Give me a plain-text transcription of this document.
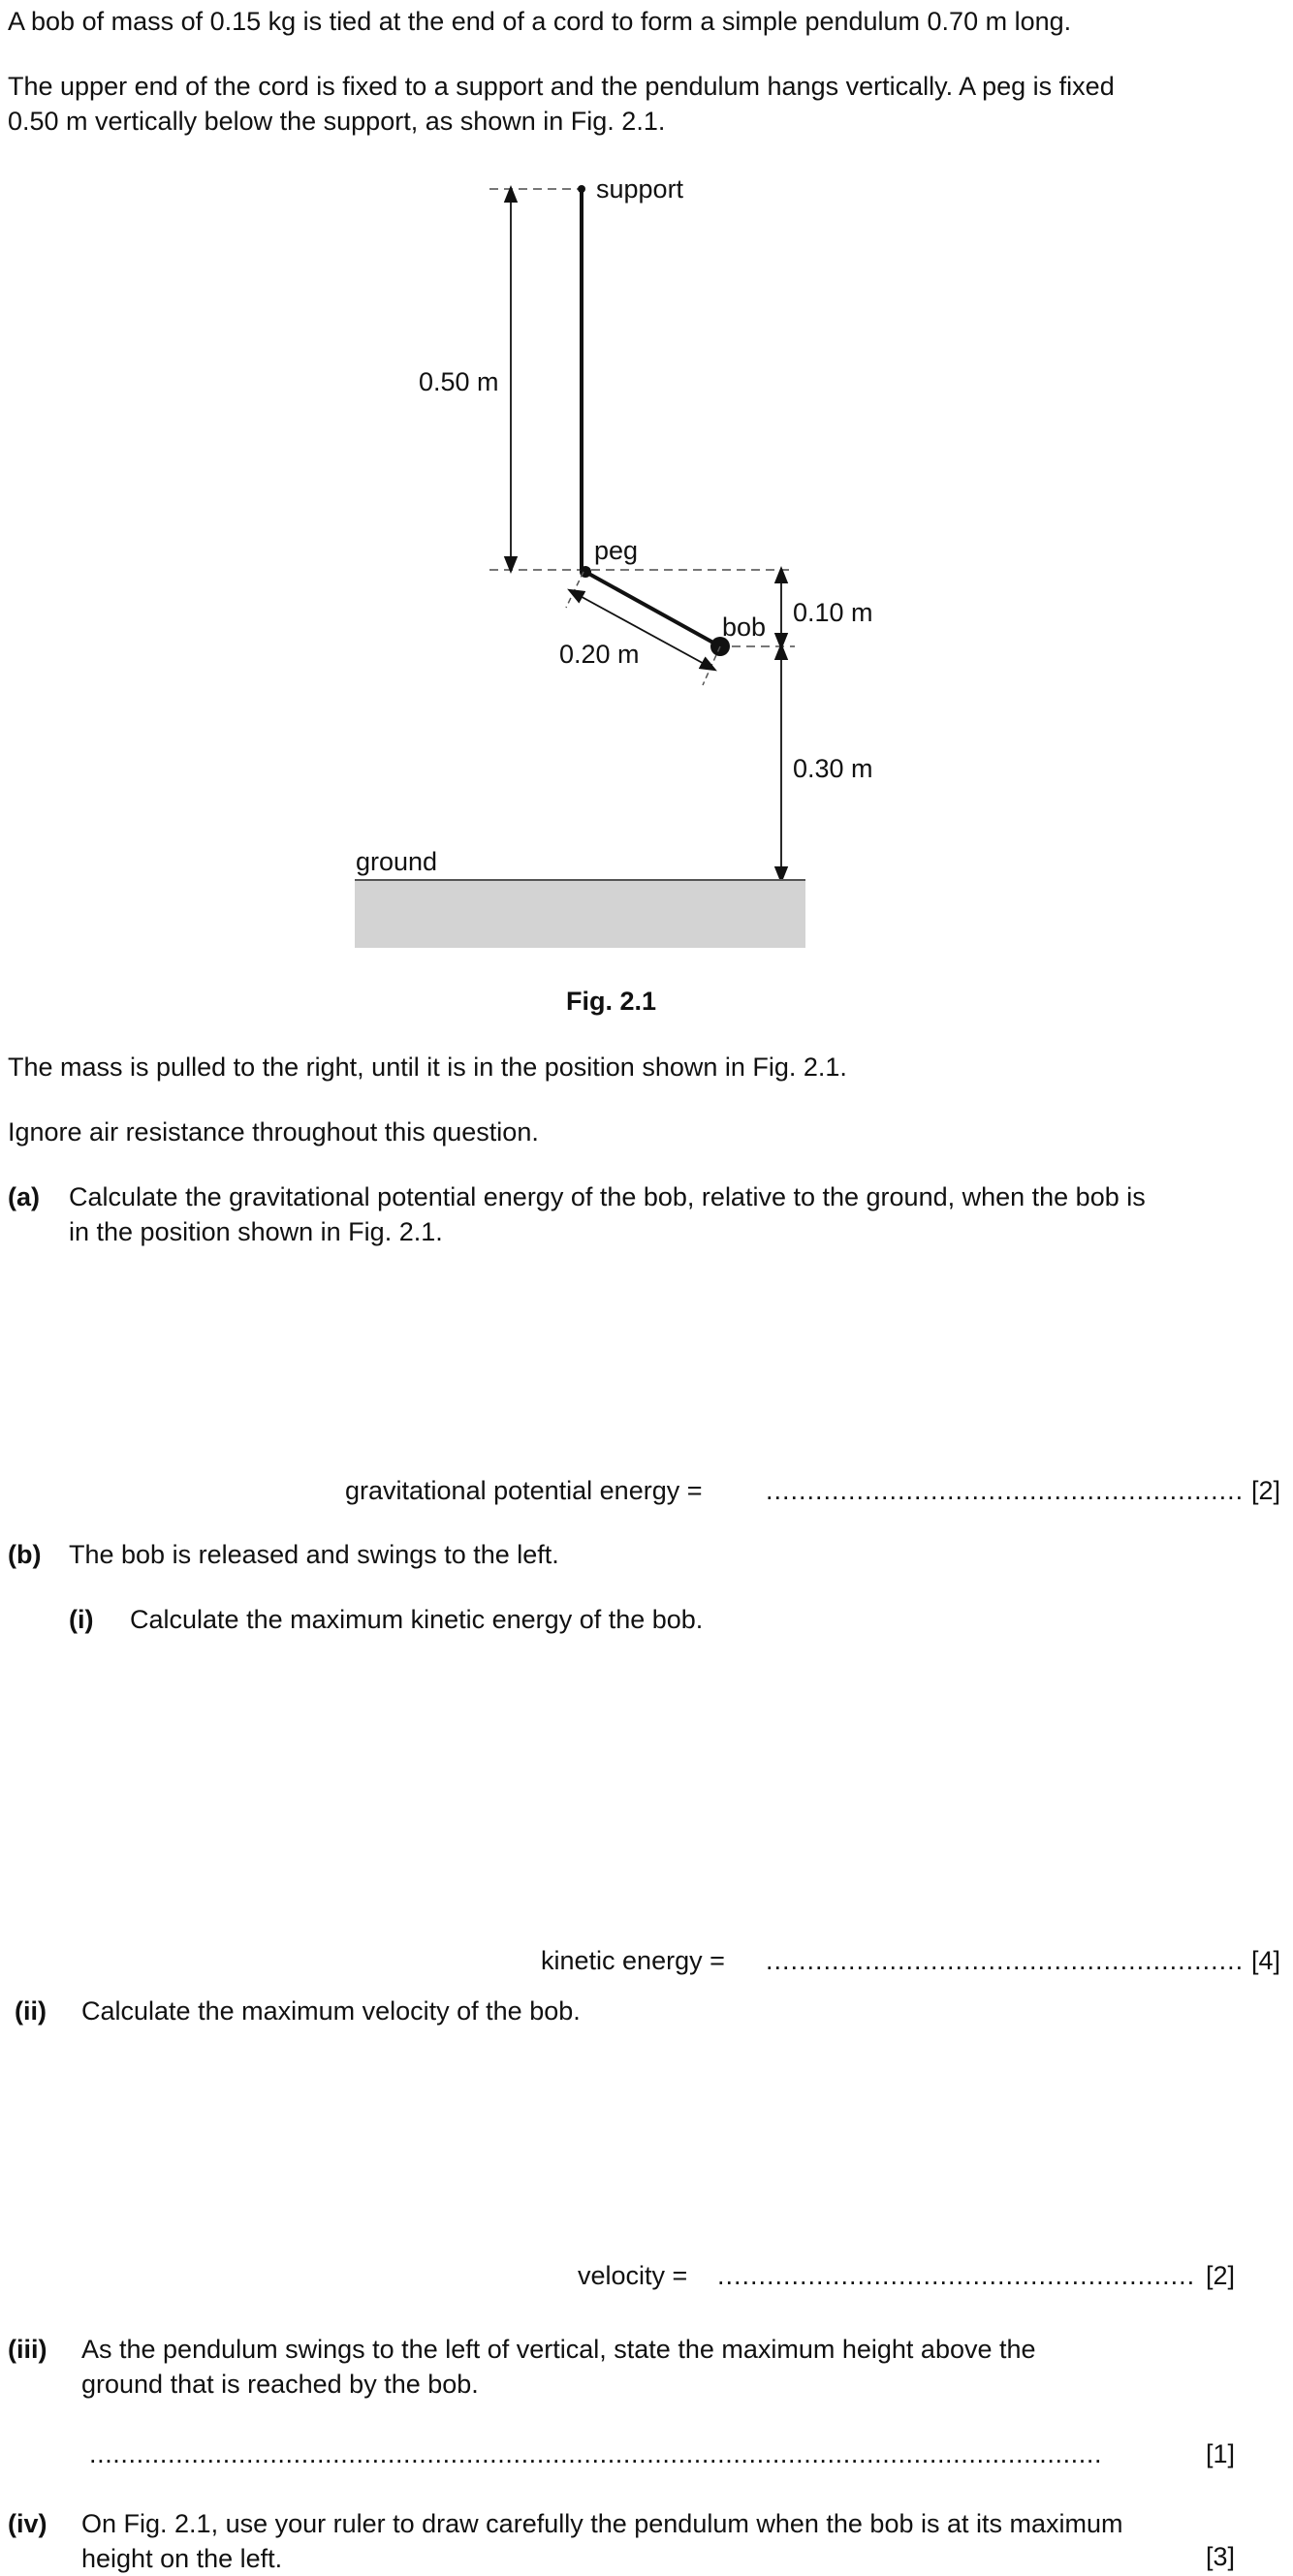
A bob of mass of 0.15 kg is tied at the end of a cord to form a simple pendulum 0.70 m long.
The upper end of the cord is fixed to a support and the pendulum hangs vertically. A peg is fixed
0.50 m vertically below the support, as shown in Fig. 2.1.
support
0.50 m
peg
bob 0.10 m
0.20 m
0.30 m
ground
Fig. 2.1
The mass is pulled to the right, until it is in the position shown in Fig. 2.1.
Ignore air resistance throughout this question.
(a) Calculate the gravitational potential energy of the bob, relative to the ground, when the bob is
in the position shown in Fig. 2.1.
gravitational potential energy = .......................................................... [2]
(b) The bob is released and swings to the left.
(i) Calculate the maximum kinetic energy of the bob.
kinetic energy = .......................................................... [4]
(ii) Calculate the maximum velocity of the bob.
velocity = .......................................................... [2]
(iii) As the pendulum swings to the left of vertical, state the maximum height above the
ground that is reached by the bob.
.................................................................................................................................	[1]
(iv) On Fig. 2.1, use your ruler to draw carefully the pendulum when the bob is at its maximum
height on the left.	[3]
